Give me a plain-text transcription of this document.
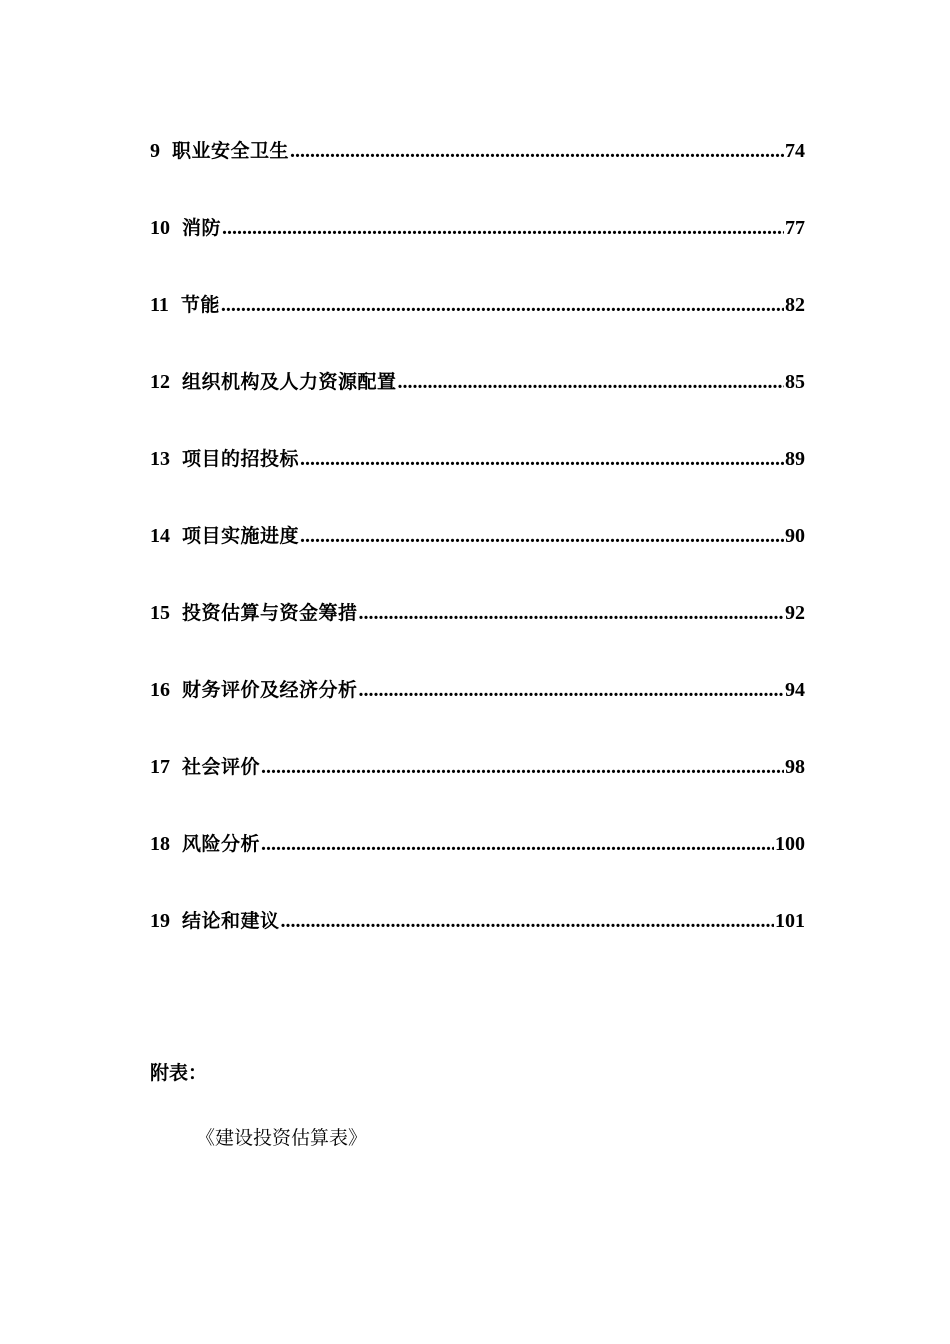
9 职业安全卫生 .....	74
10 消防 .....	77
11 节能 .....	82
12 组织机构及人力资源配置 .....	85
13 项目的招投标 .....	89
14 项目实施进度 .....	90
15 投资估算与资金筹措 .....	92
16 财务评价及经济分析 .....	94
17 社会评价 .....	98
18 风险分析 .....	100
19 结论和建议 .....	101
附表：
《建设投资估算表》
